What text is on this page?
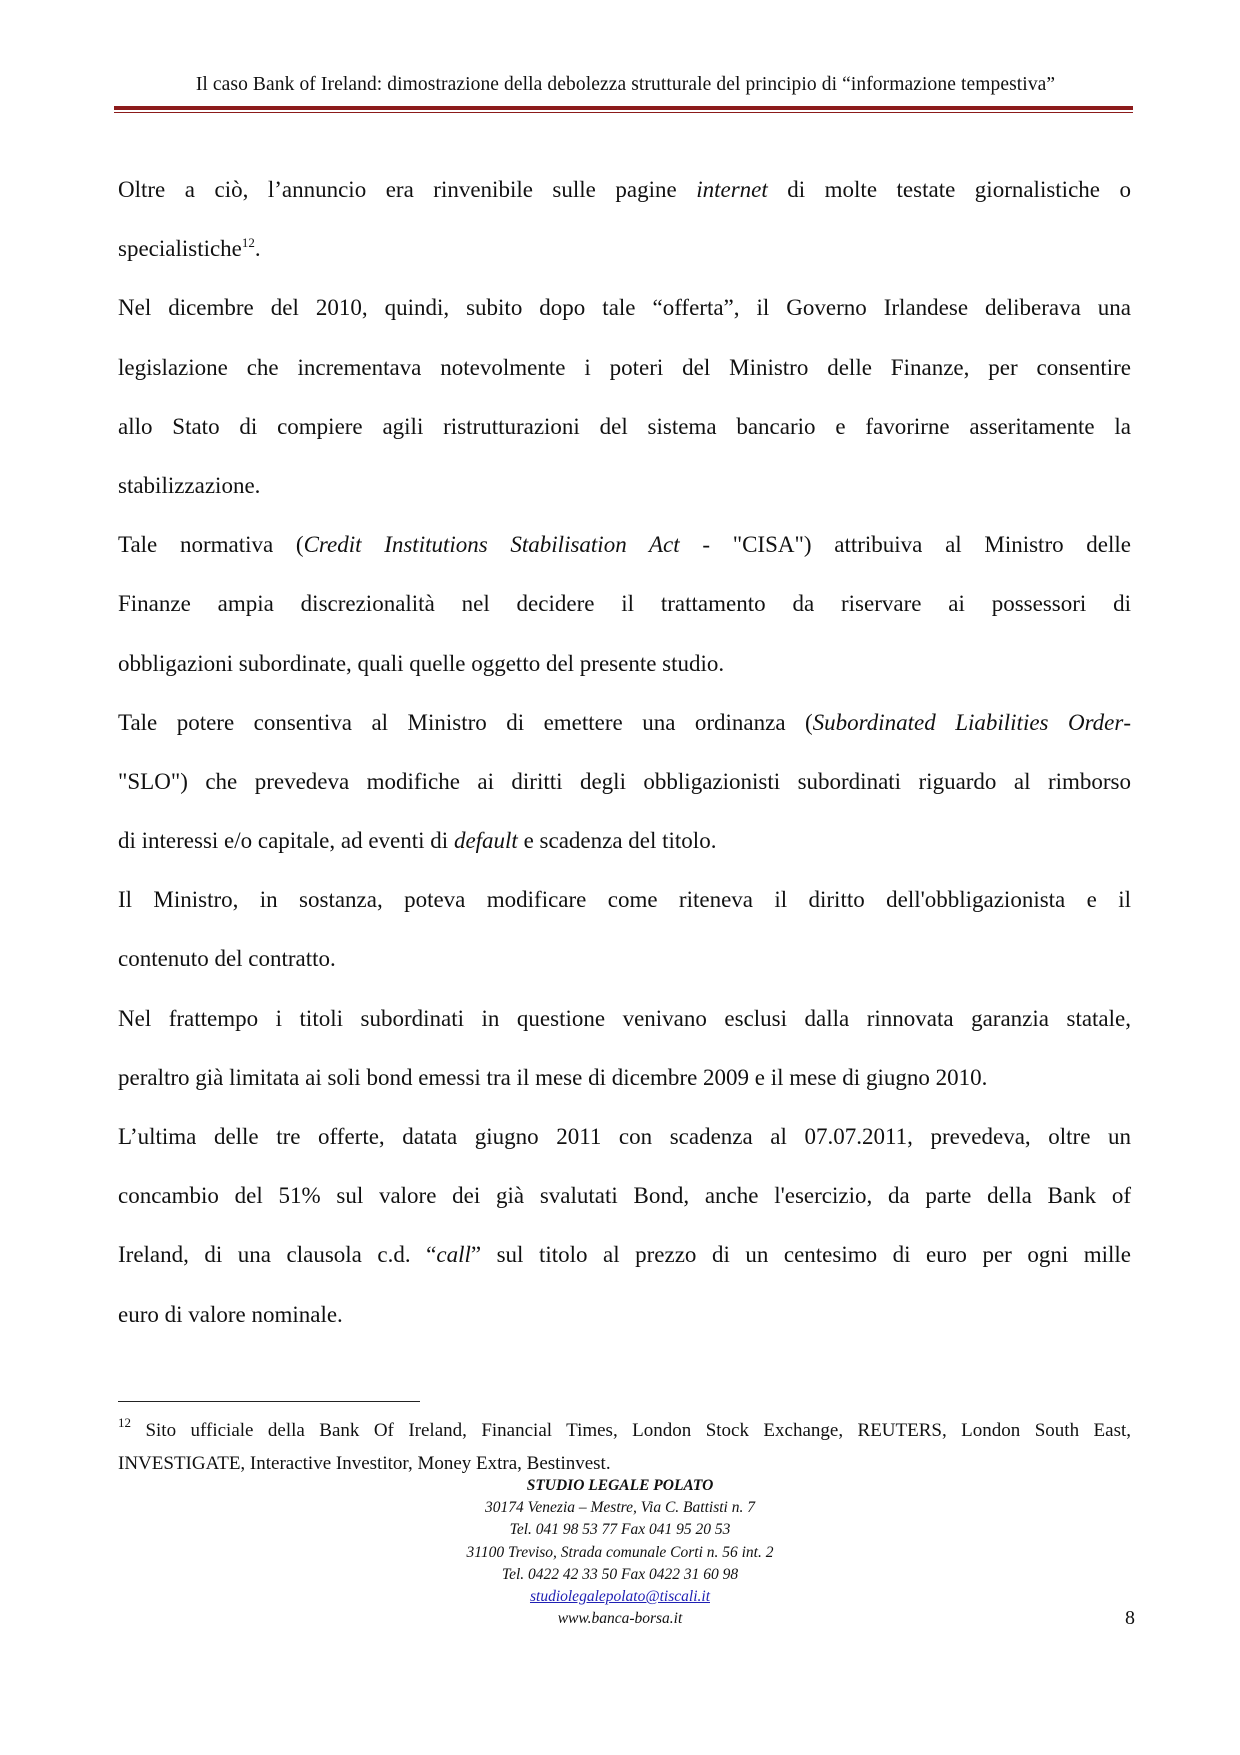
Il caso Bank of Ireland: dimostrazione della debolezza strutturale del principio di “informazione tempestiva”
Oltre a ciò, l’annuncio era rinvenibile sulle pagine internet di molte testate giornalistiche o
specialistiche$^{12}$.
Nel dicembre del 2010, quindi, subito dopo tale “offerta”, il Governo Irlandese deliberava una
legislazione che incrementava notevolmente i poteri del Ministro delle Finanze, per consentire
allo Stato di compiere agili ristrutturazioni del sistema bancario e favorirne asseritamente la
stabilizzazione.
Tale normativa (Credit Institutions Stabilisation Act - "CISA") attribuiva al Ministro delle
Finanze ampia discrezionalità nel decidere il trattamento da riservare ai possessori di
obbligazioni subordinate, quali quelle oggetto del presente studio.
Tale potere consentiva al Ministro di emettere una ordinanza (Subordinated Liabilities Order-
"SLO") che prevedeva modifiche ai diritti degli obbligazionisti subordinati riguardo al rimborso
di interessi e/o capitale, ad eventi di default e scadenza del titolo.
Il Ministro, in sostanza, poteva modificare come riteneva il diritto dell'obbligazionista e il
contenuto del contratto.
Nel frattempo i titoli subordinati in questione venivano esclusi dalla rinnovata garanzia statale,
peraltro già limitata ai soli bond emessi tra il mese di dicembre 2009 e il mese di giugno 2010.
L’ultima delle tre offerte, datata giugno 2011 con scadenza al 07.07.2011, prevedeva, oltre un
concambio del 51% sul valore dei già svalutati Bond, anche l'esercizio, da parte della Bank of
Ireland, di una clausola c.d. “call” sul titolo al prezzo di un centesimo di euro per ogni mille
euro di valore nominale.
$^{12}$ Sito ufficiale della Bank Of Ireland, Financial Times, London Stock Exchange, REUTERS, London South East,
INVESTIGATE, Interactive Investitor, Money Extra, Bestinvest.
STUDIO LEGALE POLATO
30174 Venezia – Mestre, Via C. Battisti n. 7
Tel. 041 98 53 77 Fax 041 95 20 53
31100 Treviso, Strada comunale Corti n. 56 int. 2
Tel. 0422 42 33 50 Fax 0422 31 60 98
studiolegalepolato@tiscali.it
www.banca-borsa.it	8
